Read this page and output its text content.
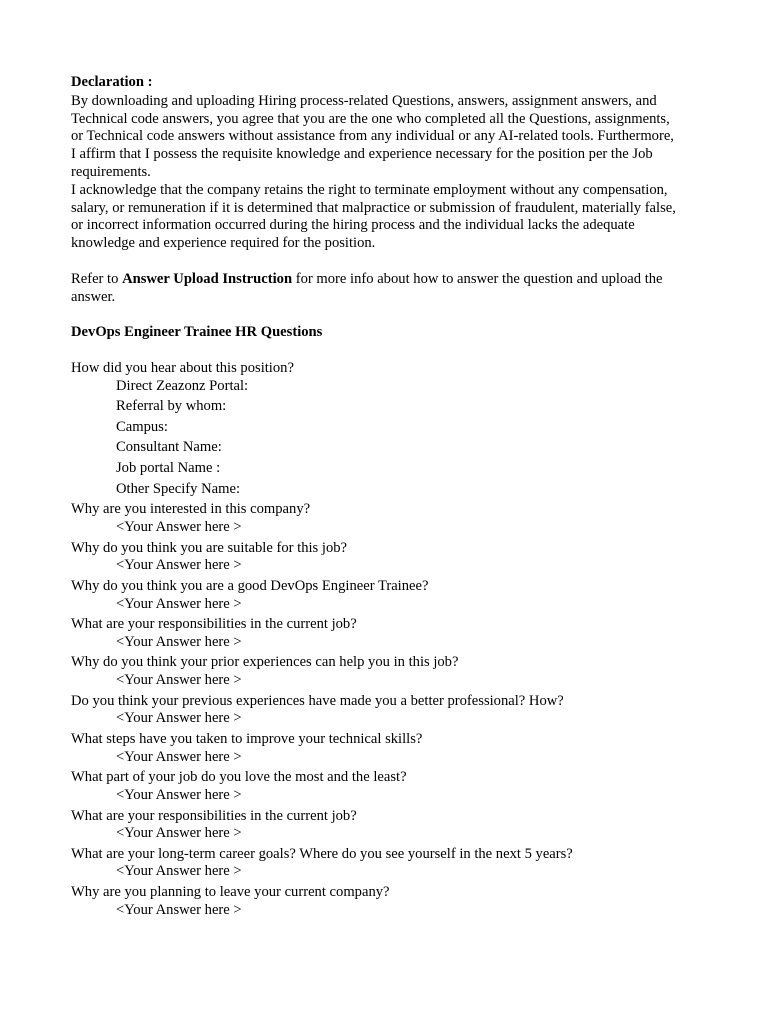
Declaration :
By downloading and uploading Hiring process-related Questions, answers, assignment answers, and
Technical code answers, you agree that you are the one who completed all the Questions, assignments,
or Technical code answers without assistance from any individual or any AI-related tools. Furthermore,
I affirm that I possess the requisite knowledge and experience necessary for the position per the Job
requirements.
I acknowledge that the company retains the right to terminate employment without any compensation,
salary, or remuneration if it is determined that malpractice or submission of fraudulent, materially false,
or incorrect information occurred during the hiring process and the individual lacks the adequate
knowledge and experience required for the position.
Refer to Answer Upload Instruction for more info about how to answer the question and upload the
answer.
DevOps Engineer Trainee HR Questions
How did you hear about this position?
Direct Zeazonz Portal:
Referral by whom:
Campus:
Consultant Name:
Job portal Name :
Other Specify Name:
Why are you interested in this company?
<Your Answer here >
Why do you think you are suitable for this job?
<Your Answer here >
Why do you think you are a good DevOps Engineer Trainee?
<Your Answer here >
What are your responsibilities in the current job?
<Your Answer here >
Why do you think your prior experiences can help you in this job?
<Your Answer here >
Do you think your previous experiences have made you a better professional? How?
<Your Answer here >
What steps have you taken to improve your technical skills?
<Your Answer here >
What part of your job do you love the most and the least?
<Your Answer here >
What are your responsibilities in the current job?
<Your Answer here >
What are your long-term career goals? Where do you see yourself in the next 5 years?
<Your Answer here >
Why are you planning to leave your current company?
<Your Answer here >
